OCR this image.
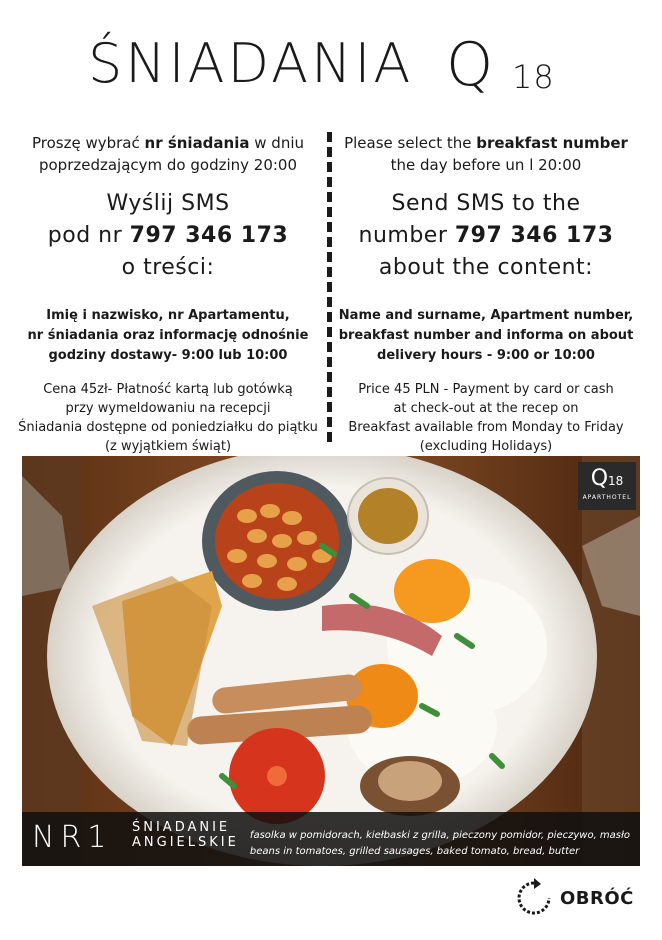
ŚNIADANIA Q 18

Proszę wybrać nr śniadania w dniu poprzedzającym do godziny 20:00

Wyślij SMS
pod nr 797 346 173
o treści:
Imię i nazwisko, nr Apartamentu,
nr śniadania oraz informację odnośnie
godziny dostawy- 9:00 lub 10:00
Cena 45zł- Płatność kartą lub gotówką
przy wymeldowaniu na recepcji
Śniadania dostępne od poniedziałku do piątku
(z wyjątkiem świąt)

Please select the breakfast number the day before un l 20:00

Send SMS to the
number 797 346 173
about the content:
Name and surname, Apartment number,
breakfast number and informa on about
delivery hours - 9:00 or 10:00
Price 45 PLN - Payment by card or cash
at check-out at the recep on
Breakfast available from Monday to Friday
(excluding Holidays)
Q18
APARTHOTEL
NR1 ŚNIADANIE
ANGIELSKIE fasolka w pomidorach, kiełbaski z grilla, pieczony pomidor, pieczywo, masło
beans in tomatoes, grilled sausages, baked tomato, bread, butter
OBRÓĆ
